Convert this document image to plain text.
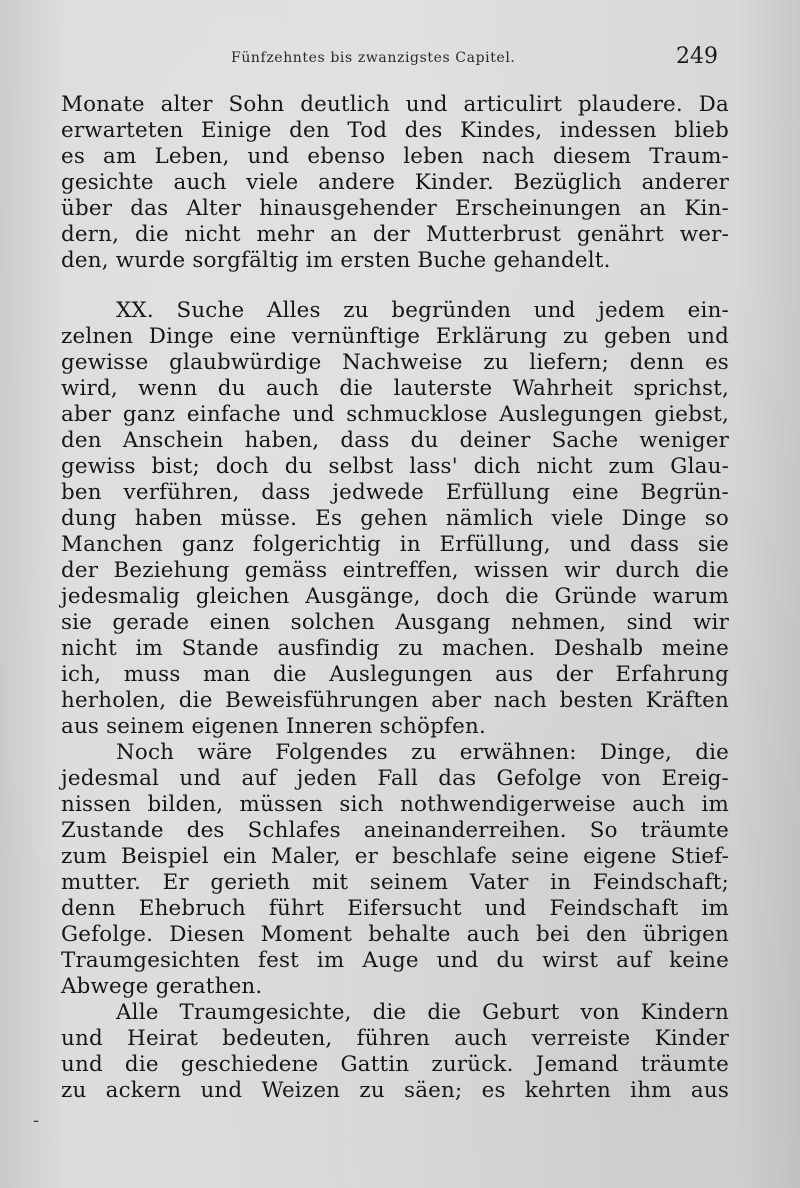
Fünfzehntes bis zwanzigstes Capitel.	249
Monate alter Sohn deutlich und articulirt plaudere. Da
erwarteten Einige den Tod des Kindes, indessen blieb
es am Leben, und ebenso leben nach diesem Traum-
gesichte auch viele andere Kinder. Bezüglich anderer
über das Alter hinausgehender Erscheinungen an Kin-
dern, die nicht mehr an der Mutterbrust genährt wer-
den, wurde sorgfältig im ersten Buche gehandelt.
XX. Suche Alles zu begründen und jedem ein-
zelnen Dinge eine vernünftige Erklärung zu geben und
gewisse glaubwürdige Nachweise zu liefern; denn es
wird, wenn du auch die lauterste Wahrheit sprichst,
aber ganz einfache und schmucklose Auslegungen giebst,
den Anschein haben, dass du deiner Sache weniger
gewiss bist; doch du selbst lass' dich nicht zum Glau-
ben verführen, dass jedwede Erfüllung eine Begrün-
dung haben müsse. Es gehen nämlich viele Dinge so
Manchen ganz folgerichtig in Erfüllung, und dass sie
der Beziehung gemäss eintreffen, wissen wir durch die
jedesmalig gleichen Ausgänge, doch die Gründe warum
sie gerade einen solchen Ausgang nehmen, sind wir
nicht im Stande ausfindig zu machen. Deshalb meine
ich, muss man die Auslegungen aus der Erfahrung
herholen, die Beweisführungen aber nach besten Kräften
aus seinem eigenen Inneren schöpfen.
Noch wäre Folgendes zu erwähnen: Dinge, die
jedesmal und auf jeden Fall das Gefolge von Ereig-
nissen bilden, müssen sich nothwendigerweise auch im
Zustande des Schlafes aneinanderreihen. So träumte
zum Beispiel ein Maler, er beschlafe seine eigene Stief-
mutter. Er gerieth mit seinem Vater in Feindschaft;
denn Ehebruch führt Eifersucht und Feindschaft im
Gefolge. Diesen Moment behalte auch bei den übrigen
Traumgesichten fest im Auge und du wirst auf keine
Abwege gerathen.
Alle Traumgesichte, die die Geburt von Kindern
und Heirat bedeuten, führen auch verreiste Kinder
und die geschiedene Gattin zurück. Jemand träumte
zu ackern und Weizen zu säen; es kehrten ihm aus
-
